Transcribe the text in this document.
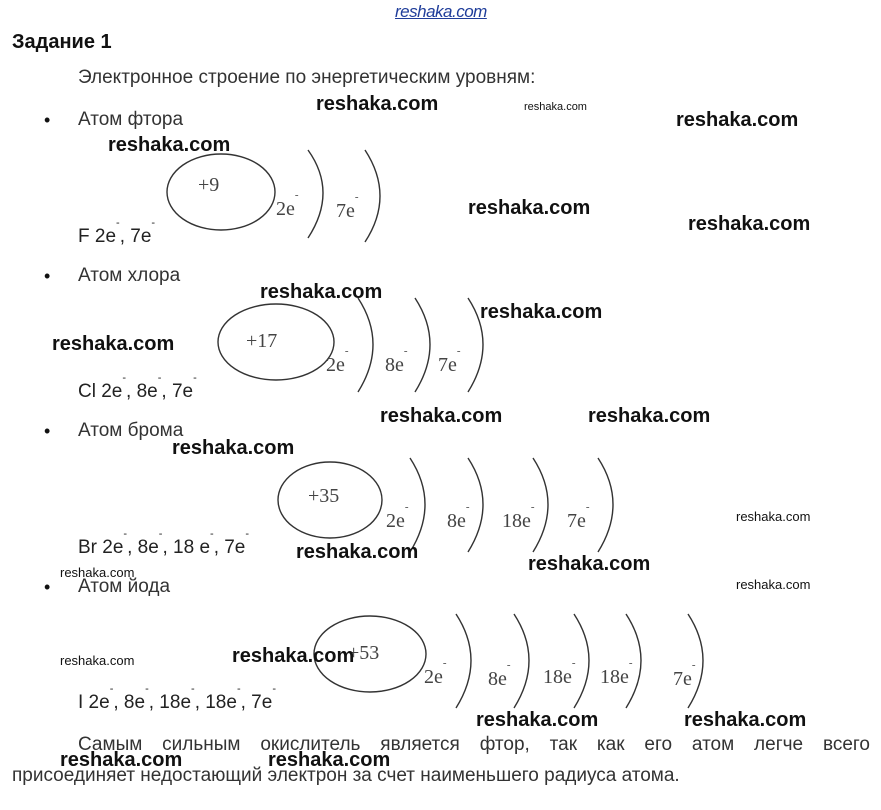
reshaka.com
Задание 1
Электронное строение по энергетическим уровням:
• Атом фтора
+9
2e-
7e-
F 2e-, 7e-
• Атом хлора
+17
2e-
8e-
7e-
Cl 2e-, 8e-, 7e-
• Атом брома
+35
2e-
8e-
18e-
7e-
Br 2e-, 8e-, 18 e-, 7e-
• Атом йода
+53
2e-
8e-
18e-
18e-
7e-
I 2e-, 8e-, 18e-, 18e-, 7e-
reshaka.com	reshaka.com
reshaka.com
reshaka.com
reshaka.com
reshaka.com
reshaka.com
reshaka.com
reshaka.com
reshaka.com	reshaka.com
reshaka.com
reshaka.com
reshaka.com
reshaka.com
reshaka.com
reshaka.com
reshaka.com
reshaka.com
reshaka.com	reshaka.com
reshaka.com	reshaka.com
Самым сильным окислитель является фтор, так как его атом легче всего
присоединяет недостающий электрон за счет наименьшего радиуса атома.
